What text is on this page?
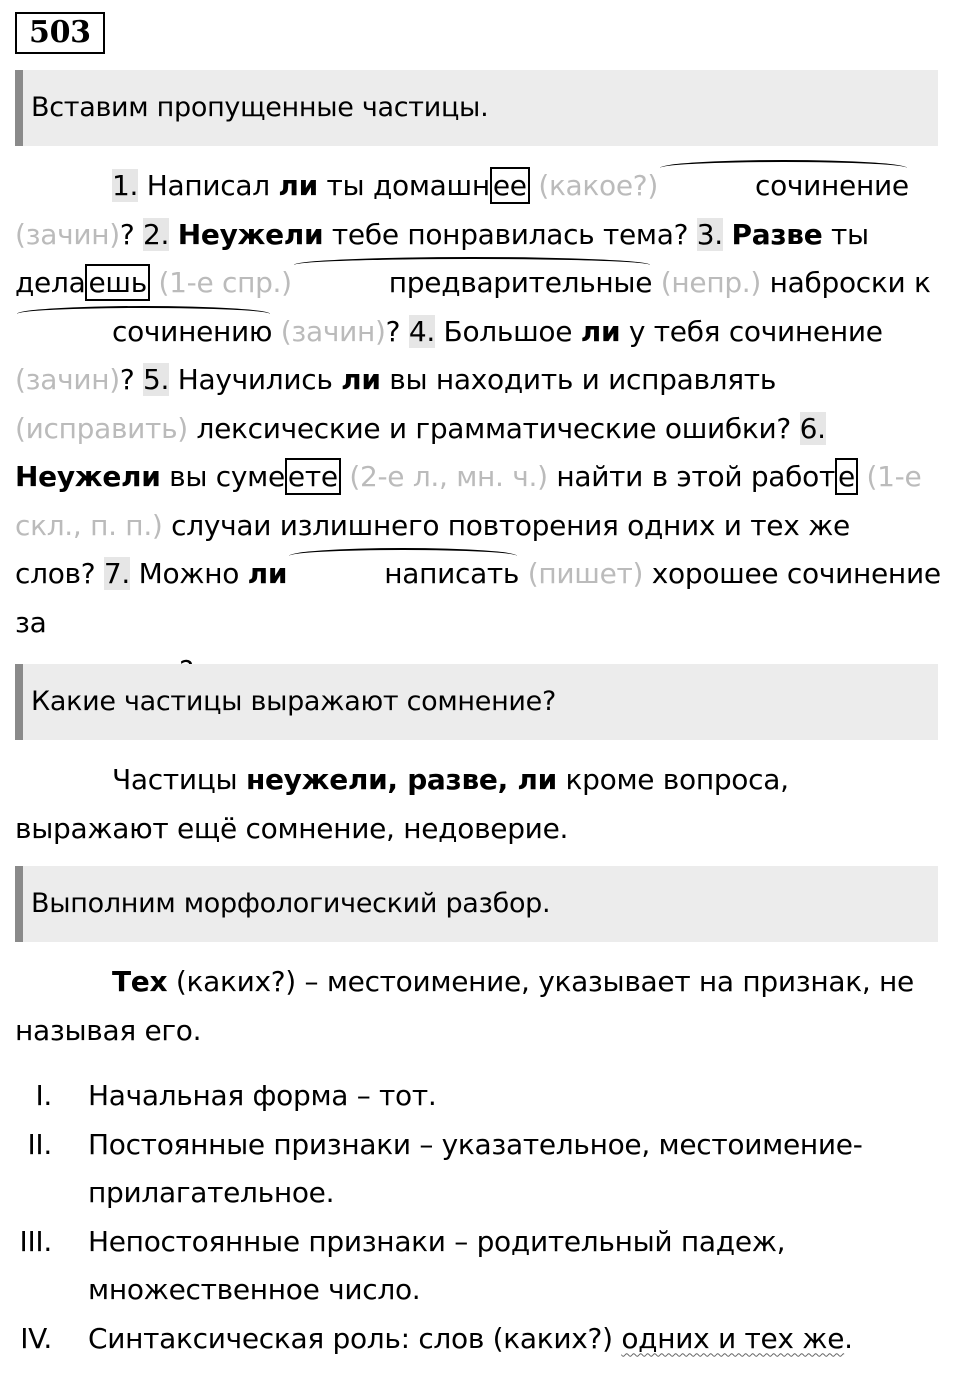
503
Вставим пропущенные частицы.

1. Написал ли ты домашн ее (какое?)	сочинение
(зачин)? 2. Неужели тебе понравилась тема? 3. Разве ты
дела ешь (1-е спр.)	предварительные (непр.) наброски к
сочинению (зачин)? 4. Большое ли у тебя сочинение
(зачин)? 5. Научились ли вы находить и исправлять
(исправить) лексические и грамматические ошибки? 6.
Неужели вы суме ете (2-е л., мн. ч.) найти в этой работ е (1-е
скл., п. п.) случаи излишнего повторения одних и тех же
слов? 7. Можно ли	написать (пишет) хорошее сочинение за

Какие частицы выражают сомнение?

Частицы неужели, разве, ли кроме вопроса, выражают ещё сомнение, недоверие.

Выполним морфологический разбор.

Тех (каких?) – местоимение, указывает на признак, не называя его.

I. Начальная форма – тот.
II. Постоянные признаки – указательное, местоимение-прилагательное.
III. Непостоянные признаки – родительный падеж, множественное число.
IV. Синтаксическая роль: слов (каких?) одних и тех же.
